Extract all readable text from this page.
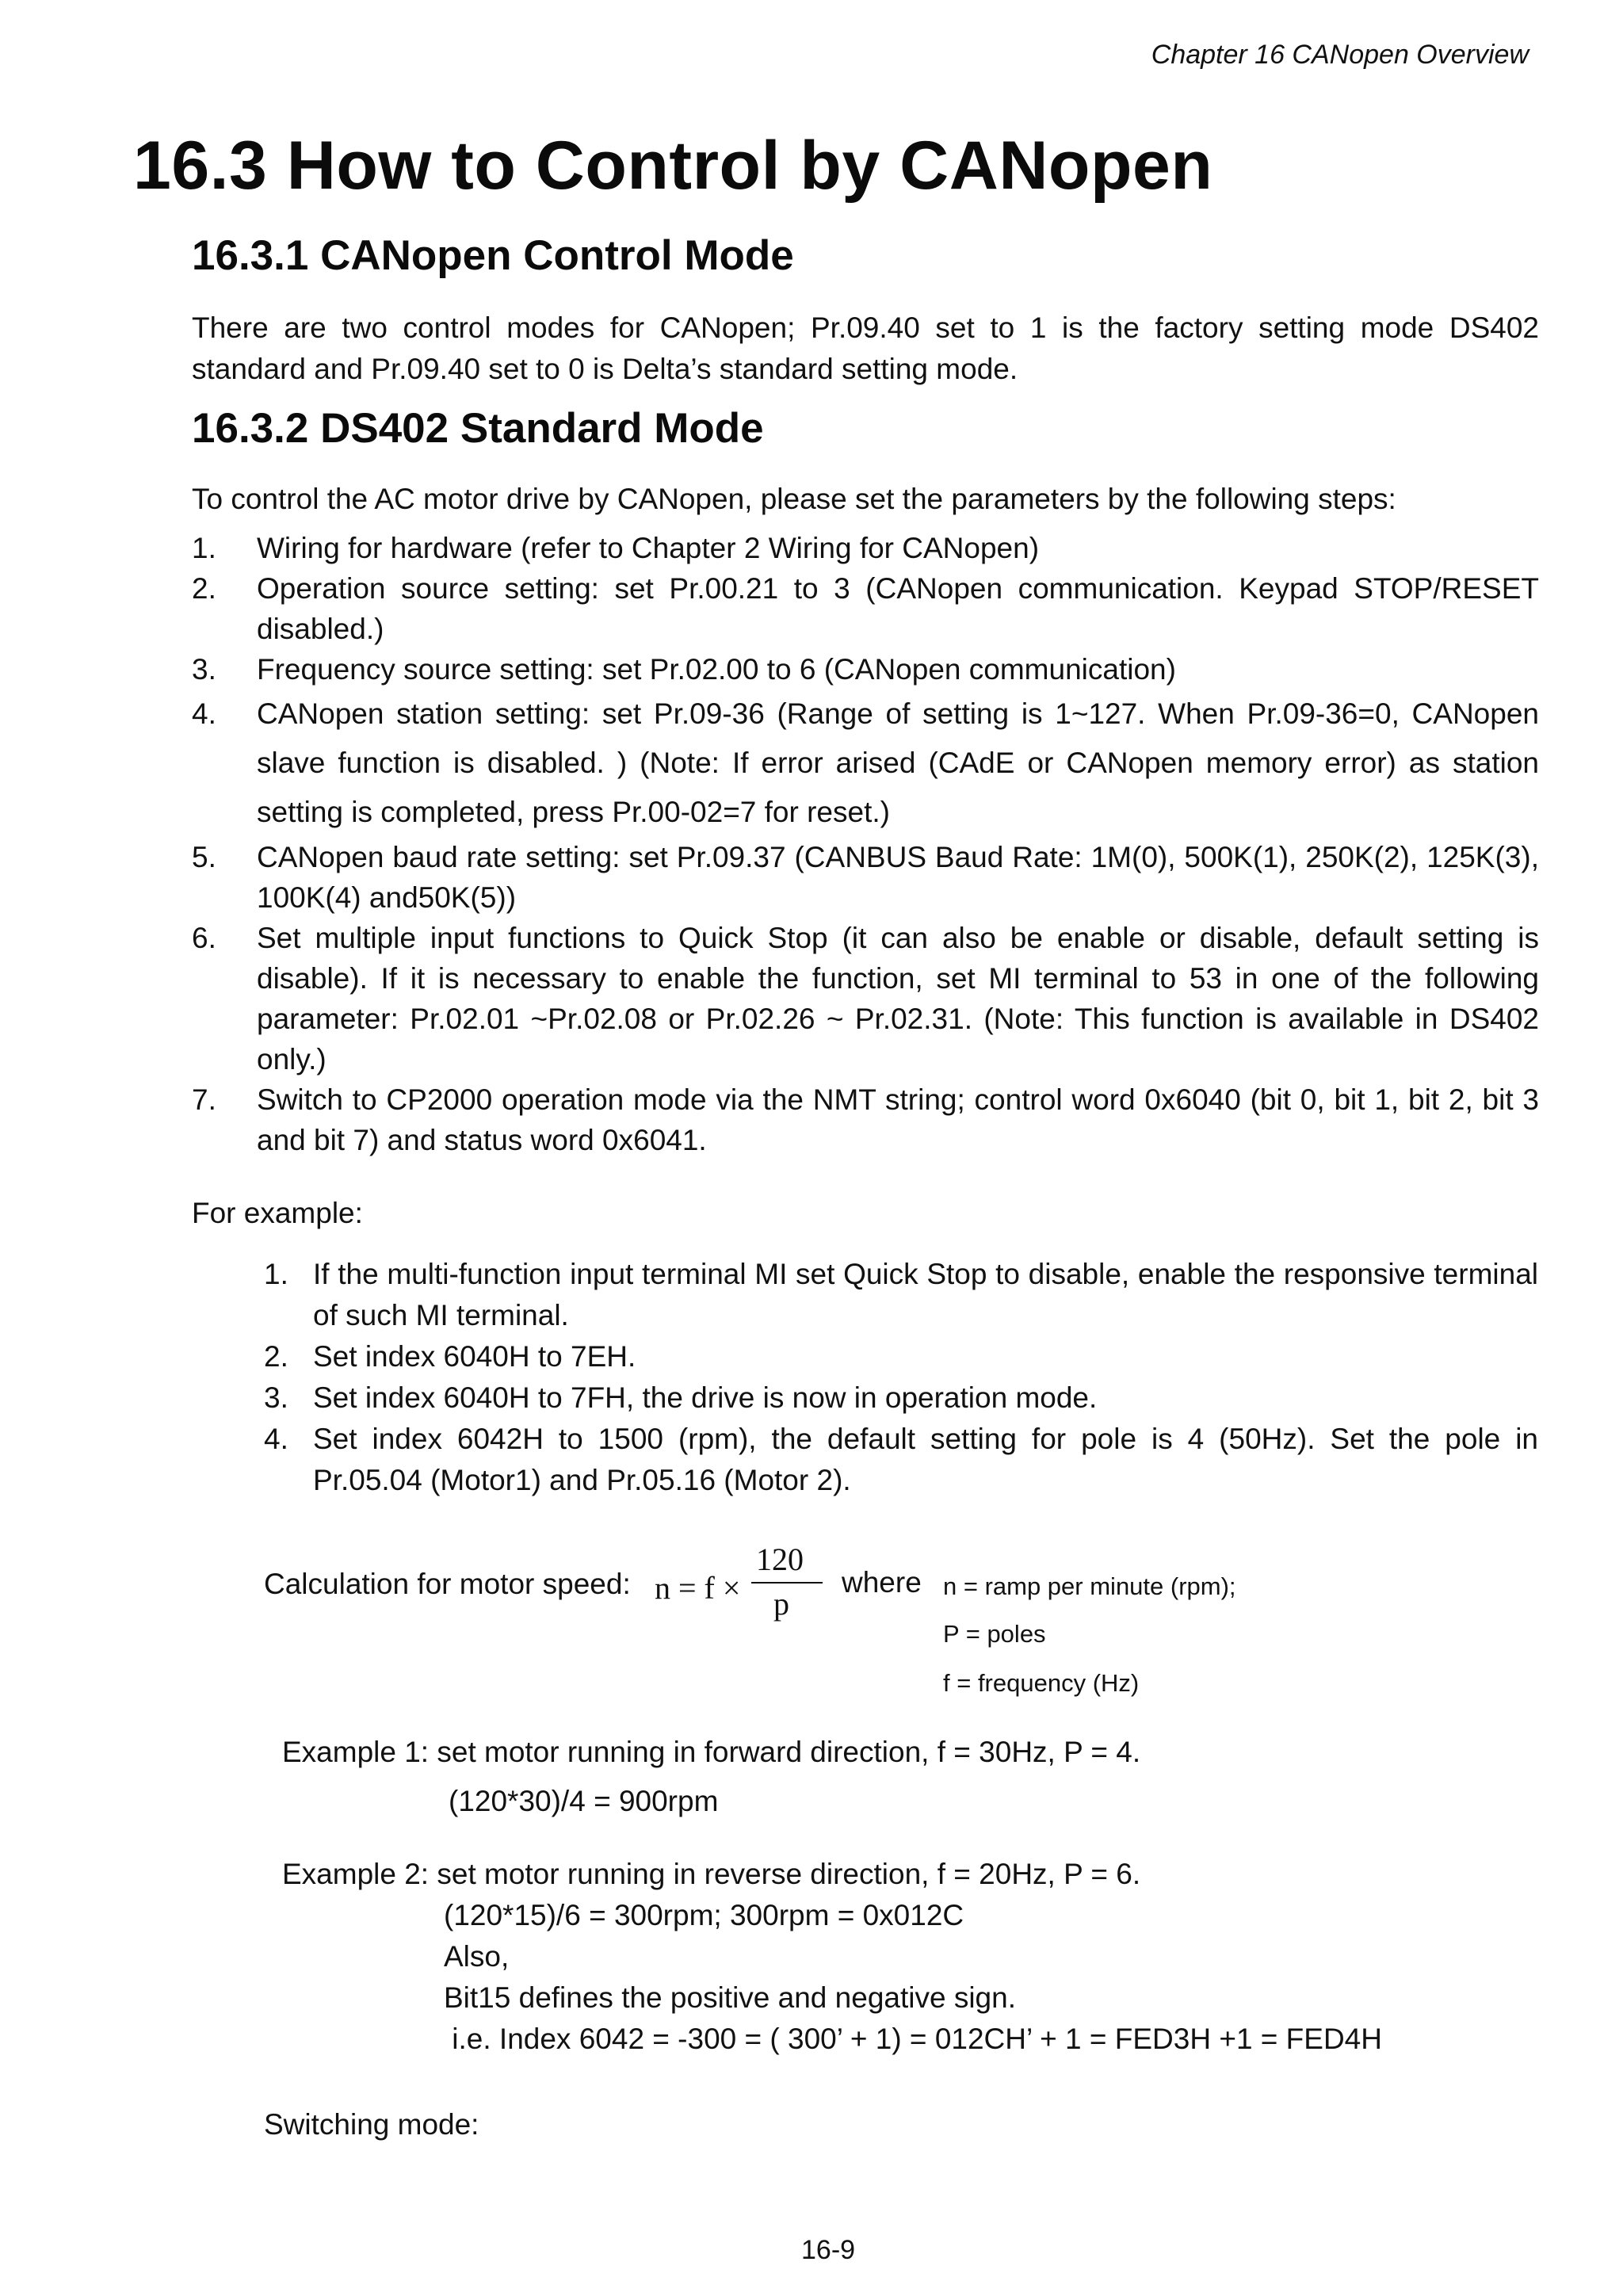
Chapter 16 CANopen Overview
16.3 How to Control by CANopen
16.3.1 CANopen Control Mode

There are two control modes for CANopen; Pr.09.40 set to 1 is the factory setting mode DS402 standard and Pr.09.40 set to 0 is Delta’s standard setting mode.

16.3.2 DS402 Standard Mode

To control the AC motor drive by CANopen, please set the parameters by the following steps:

1. Wiring for hardware (refer to Chapter 2 Wiring for CANopen)
2. Operation source setting: set Pr.00.21 to 3 (CANopen communication. Keypad STOP/RESET disabled.)
3. Frequency source setting: set Pr.02.00 to 6 (CANopen communication)
4. CANopen station setting: set Pr.09-36 (Range of setting is 1~127. When Pr.09-36=0, CANopen slave function is disabled. ) (Note: If error arised (CAdE or CANopen memory error) as station setting is completed, press Pr.00-02=7 for reset.)
5. CANopen baud rate setting: set Pr.09.37 (CANBUS Baud Rate: 1M(0), 500K(1), 250K(2), 125K(3), 100K(4) and50K(5))
6. Set multiple input functions to Quick Stop (it can also be enable or disable, default setting is disable). If it is necessary to enable the function, set MI terminal to 53 in one of the following parameter: Pr.02.01 ~Pr.02.08 or Pr.02.26 ~ Pr.02.31. (Note: This function is available in DS402 only.)
7. Switch to CP2000 operation mode via the NMT string; control word 0x6040 (bit 0, bit 1, bit 2, bit 3 and bit 7) and status word 0x6041.

For example:

1. If the multi-function input terminal MI set Quick Stop to disable, enable the responsive terminal of such MI terminal.
2. Set index 6040H to 7EH.
3. Set index 6040H to 7FH, the drive is now in operation mode.
4. Set index 6042H to 1500 (rpm), the default setting for pole is 4 (50Hz). Set the pole in Pr.05.04 (Motor1) and Pr.05.16 (Motor 2).
Calculation for motor speed: n = f ×
120
p
where n = ramp per minute (rpm);
P = poles
f = frequency (Hz)
Example 1: set motor running in forward direction, f = 30Hz, P = 4.
(120*30)/4 = 900rpm
Example 2: set motor running in reverse direction, f = 20Hz, P = 6.
(120*15)/6 = 300rpm; 300rpm = 0x012C
Also,
Bit15 defines the positive and negative sign.
i.e. Index 6042 = -300 = ( 300’ + 1) = 012CH’ + 1 = FED3H +1 = FED4H
Switching mode:
16-9
